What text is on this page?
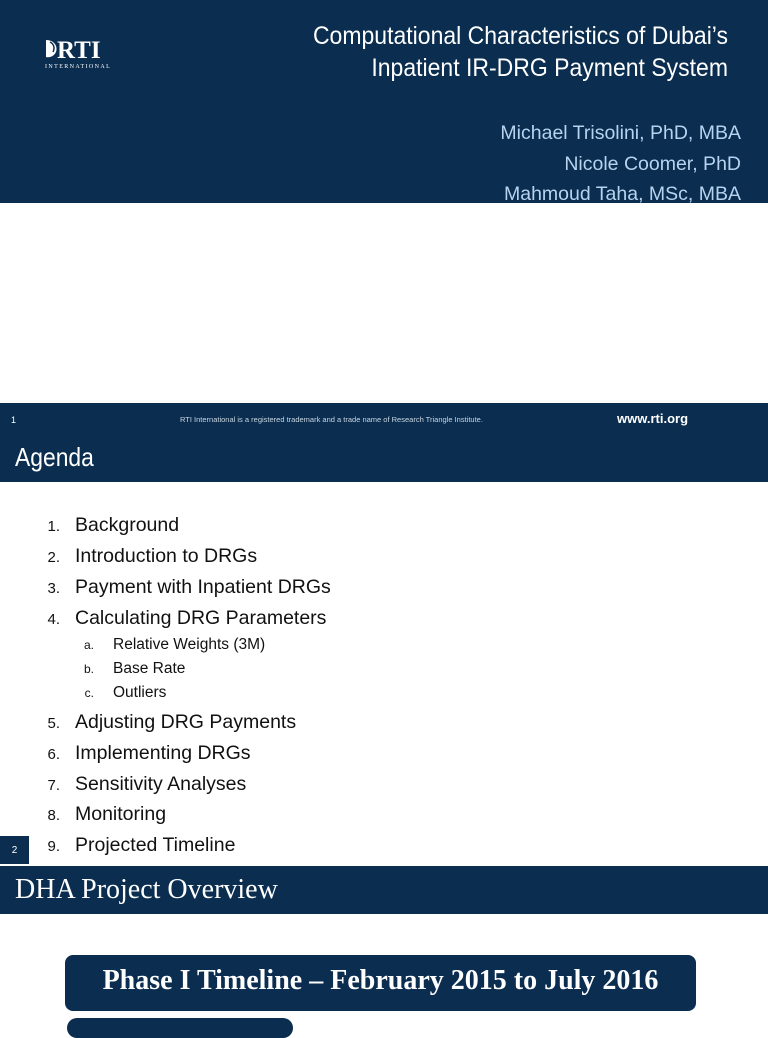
RTI
INTERNATIONAL
Computational Characteristics of Dubai’s
Inpatient IR-DRG Payment System
Michael Trisolini, PhD, MBA
Nicole Coomer, PhD
Mahmoud Taha, MSc, MBA
1	RTI International is a registered trademark and a trade name of Research Triangle Institute.	www.rti.org
Agenda
1. Background
2. Introduction to DRGs
3. Payment with Inpatient DRGs
4. Calculating DRG Parameters
a. Relative Weights (3M)
b. Base Rate
c. Outliers
5. Adjusting DRG Payments
6. Implementing DRGs
7. Sensitivity Analyses
8. Monitoring
9. Projected Timeline
2
DHA Project Overview
Phase I Timeline – February 2015 to July 2016
